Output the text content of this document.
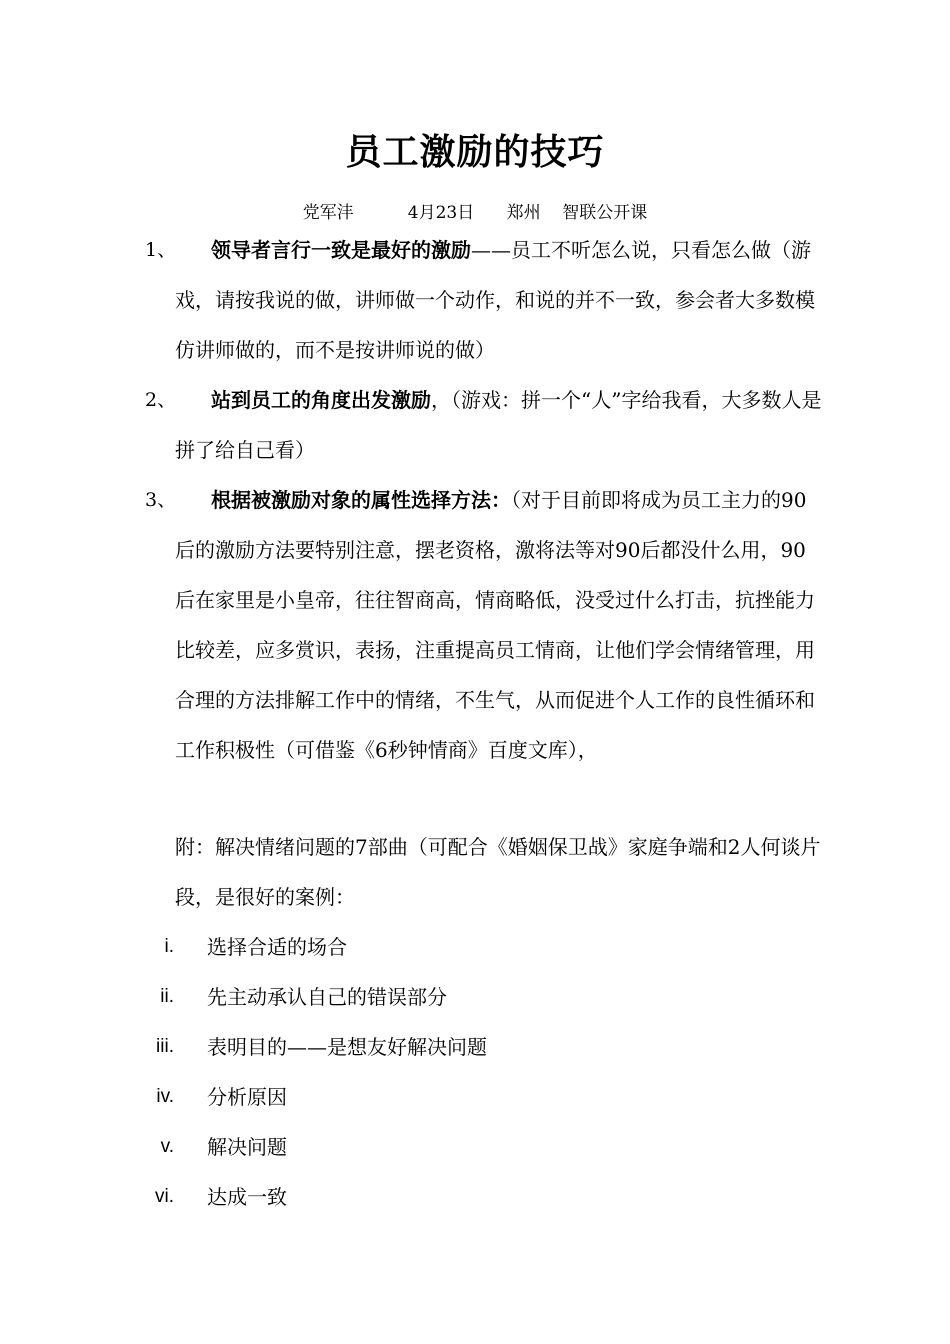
员工激励的技巧
党军沣          4月23日      郑州    智联公开课
1、	领导者言行一致是最好的激励——员工不听怎么说，只看怎么做（游戏，请按我说的做，讲师做一个动作，和说的并不一致，参会者大多数模仿讲师做的，而不是按讲师说的做）
2、	站到员工的角度出发激励，（游戏：拼一个“人”字给我看，大多数人是拼了给自己看）
3、	根据被激励对象的属性选择方法：（对于目前即将成为员工主力的90后的激励方法要特别注意，摆老资格，激将法等对90后都没什么用，90后在家里是小皇帝，往往智商高，情商略低，没受过什么打击，抗挫能力比较差，应多赏识，表扬，注重提高员工情商，让他们学会情绪管理，用合理的方法排解工作中的情绪，不生气，从而促进个人工作的良性循环和工作积极性（可借鉴《6秒钟情商》百度文库），
附：解决情绪问题的7部曲（可配合《婚姻保卫战》家庭争端和2人何谈片段，是很好的案例：
i. 选择合适的场合
ii. 先主动承认自己的错误部分
iii. 表明目的——是想友好解决问题
iv. 分析原因
v. 解决问题
vi. 达成一致
